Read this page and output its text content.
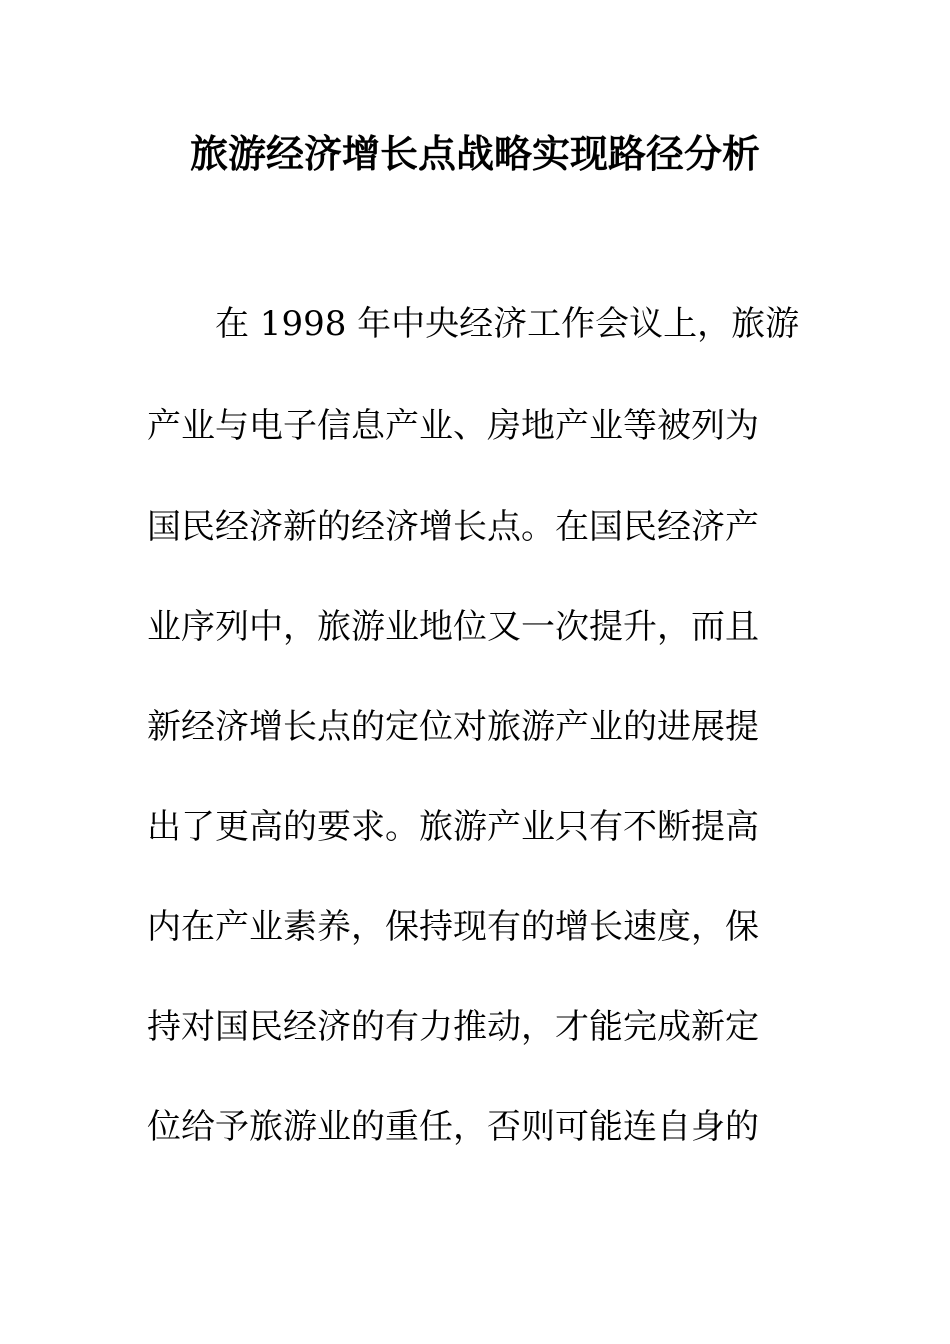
旅游经济增长点战略实现路径分析
在 1998 年中央经济工作会议上，旅游
产业与电子信息产业、房地产业等被列为
国民经济新的经济增长点。在国民经济产
业序列中，旅游业地位又一次提升，而且
新经济增长点的定位对旅游产业的进展提
出了更高的要求。旅游产业只有不断提高
内在产业素养，保持现有的增长速度，保
持对国民经济的有力推动，才能完成新定
位给予旅游业的重任，否则可能连自身的
